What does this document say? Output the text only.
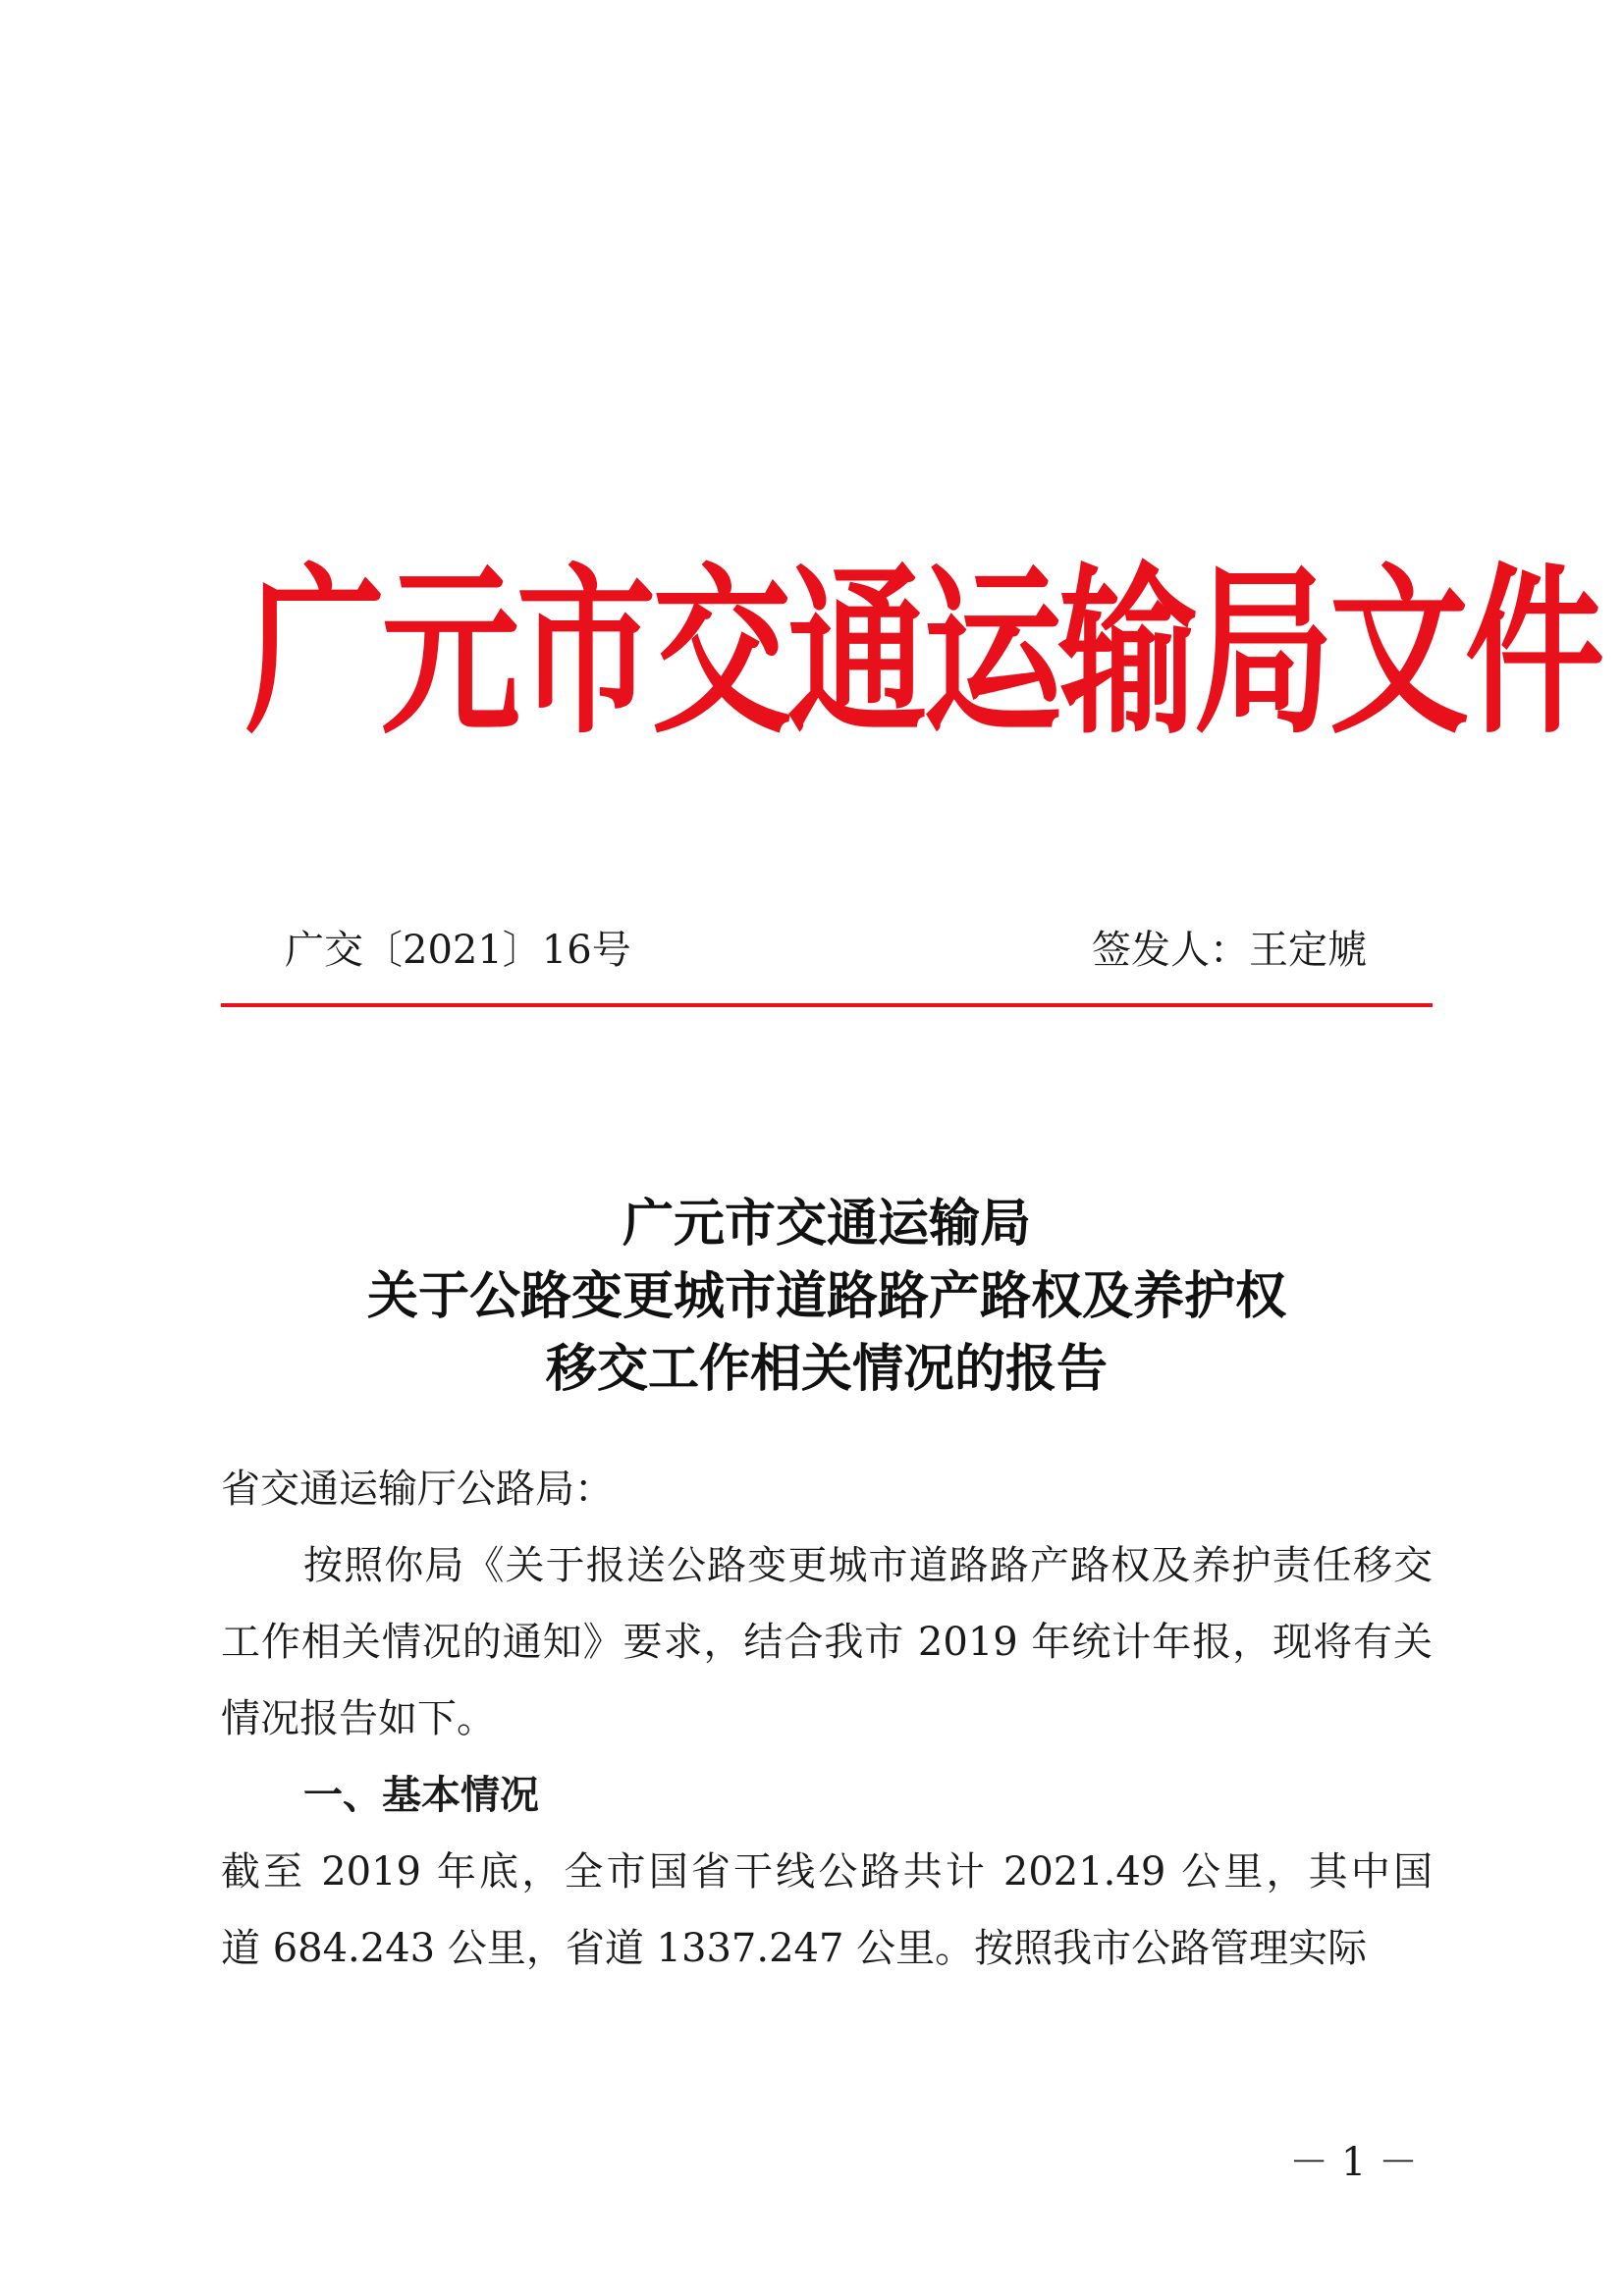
广元市交通运输局文件
广交〔2021〕16号	签发人：王定虓
广元市交通运输局
关于公路变更城市道路路产路权及养护权
移交工作相关情况的报告

省交通运输厅公路局：

按照你局《关于报送公路变更城市道路路产路权及养护责任移交工作相关情况的通知》要求，结合我市 2019 年统计年报，现将有关情况报告如下。

一、基本情况

截至 2019 年底，全市国省干线公路共计 2021.49 公里，其中国

道 684.243 公里，省道 1337.247 公里。按照我市公路管理实际

－ 1 －
